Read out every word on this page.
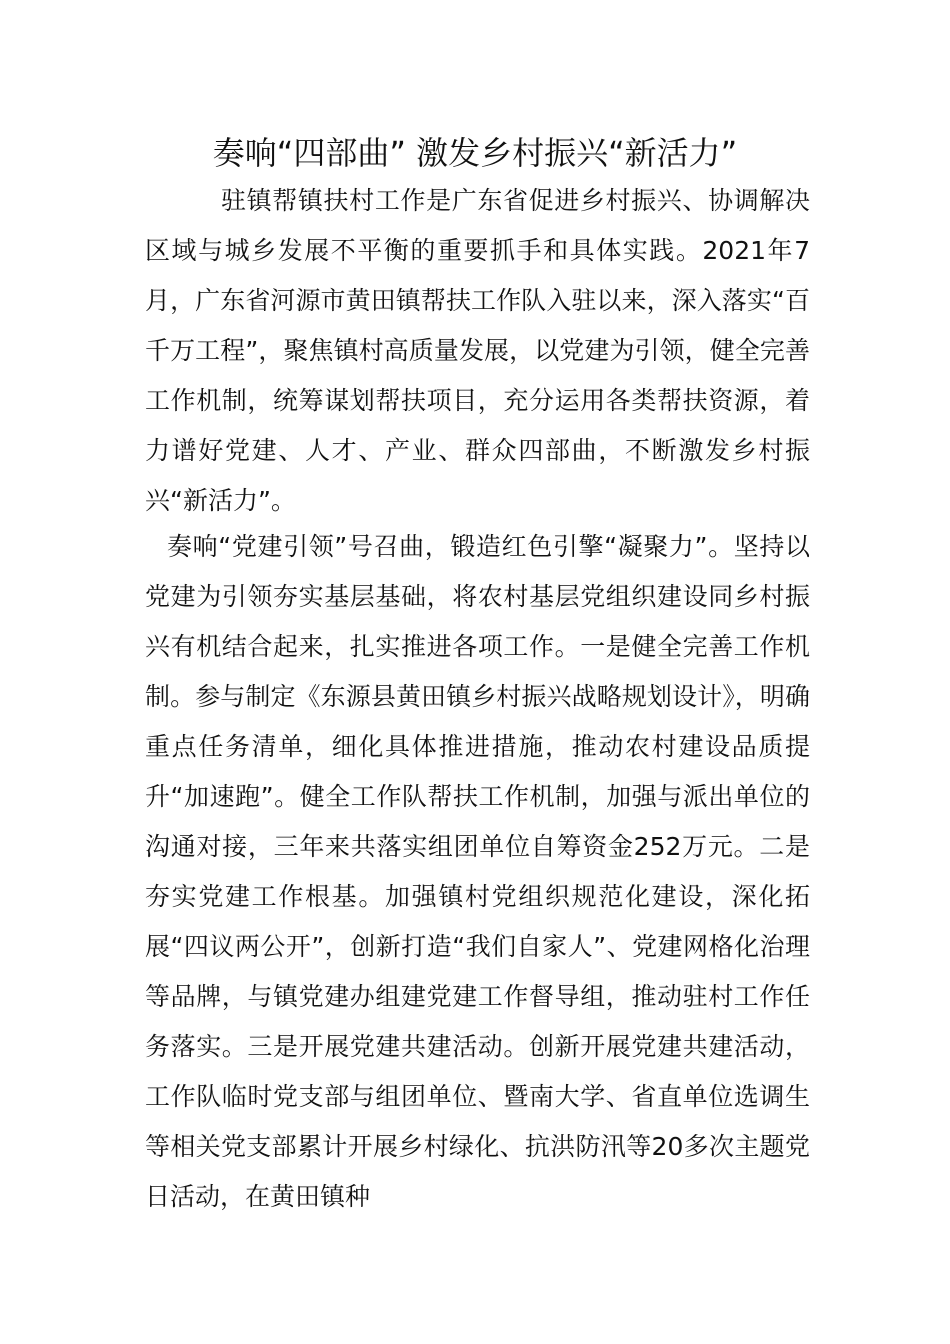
奏响“四部曲” 激发乡村振兴“新活力”

驻镇帮镇扶村工作是广东省促进乡村振兴、协调解决区域与城乡发展不平衡的重要抓手和具体实践。2021年7月，广东省河源市黄田镇帮扶工作队入驻以来，深入落实“百千万工程”，聚焦镇村高质量发展，以党建为引领，健全完善工作机制，统筹谋划帮扶项目，充分运用各类帮扶资源，着力谱好党建、人才、产业、群众四部曲，不断激发乡村振兴“新活力”。

奏响“党建引领”号召曲，锻造红色引擎“凝聚力”。坚持以党建为引领夯实基层基础，将农村基层党组织建设同乡村振兴有机结合起来，扎实推进各项工作。一是健全完善工作机制。参与制定《东源县黄田镇乡村振兴战略规划设计》，明确重点任务清单，细化具体推进措施，推动农村建设品质提升“加速跑”。健全工作队帮扶工作机制，加强与派出单位的沟通对接，三年来共落实组团单位自筹资金252万元。二是夯实党建工作根基。加强镇村党组织规范化建设，深化拓展“四议两公开”，创新打造“我们自家人”、党建网格化治理等品牌，与镇党建办组建党建工作督导组，推动驻村工作任务落实。三是开展党建共建活动。创新开展党建共建活动，工作队临时党支部与组团单位、暨南大学、省直单位选调生等相关党支部累计开展乡村绿化、抗洪防汛等20多次主题党日活动，在黄田镇种
